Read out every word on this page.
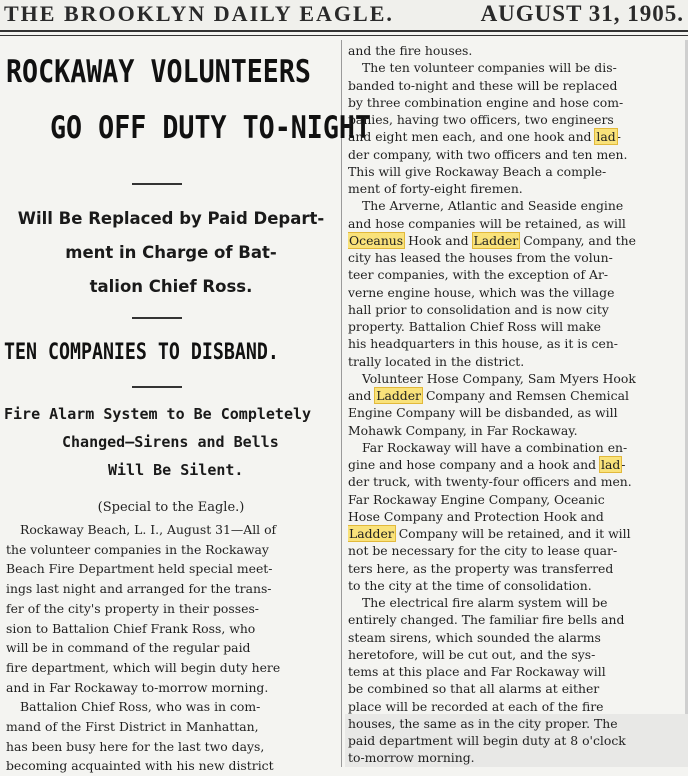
THE BROOKLYN DAILY EAGLE.	AUGUST 31, 1905.
ROCKAWAY VOLUNTEERS
GO OFF DUTY TO-NIGHT
Will Be Replaced by Paid Depart-
ment in Charge of Bat-
talion Chief Ross.
TEN COMPANIES TO DISBAND.
Fire Alarm System to Be Completely
Changed—Sirens and Bells
Will Be Silent.
(Special to the Eagle.)
Rockaway Beach, L. I., August 31—All of
the volunteer companies in the Rockaway
Beach Fire Department held special meet-
ings last night and arranged for the trans-
fer of the city's property in their posses-
sion to Battalion Chief Frank Ross, who
will be in command of the regular paid
fire department, which will begin duty here
and in Far Rockaway to-morrow morning.
Battalion Chief Ross, who was in com-
mand of the First District in Manhattan,
has been busy here for the last two days,
becoming acquainted with his new district
and the fire houses.
The ten volunteer companies will be dis-
banded to-night and these will be replaced
by three combination engine and hose com-
panies, having two officers, two engineers
and eight men each, and one hook and lad-
der company, with two officers and ten men.
This will give Rockaway Beach a comple-
ment of forty-eight firemen.
The Arverne, Atlantic and Seaside engine
and hose companies will be retained, as will
Oceanus Hook and Ladder Company, and the
city has leased the houses from the volun-
teer companies, with the exception of Ar-
verne engine house, which was the village
hall prior to consolidation and is now city
property. Battalion Chief Ross will make
his headquarters in this house, as it is cen-
trally located in the district.
Volunteer Hose Company, Sam Myers Hook
and Ladder Company and Remsen Chemical
Engine Company will be disbanded, as will
Mohawk Company, in Far Rockaway.
Far Rockaway will have a combination en-
gine and hose company and a hook and lad-
der truck, with twenty-four officers and men.
Far Rockaway Engine Company, Oceanic
Hose Company and Protection Hook and
Ladder Company will be retained, and it will
not be necessary for the city to lease quar-
ters here, as the property was transferred
to the city at the time of consolidation.
The electrical fire alarm system will be
entirely changed. The familiar fire bells and
steam sirens, which sounded the alarms
heretofore, will be cut out, and the sys-
tems at this place and Far Rockaway will
be combined so that all alarms at either
place will be recorded at each of the fire
houses, the same as in the city proper. The
paid department will begin duty at 8 o'clock
to-morrow morning.
